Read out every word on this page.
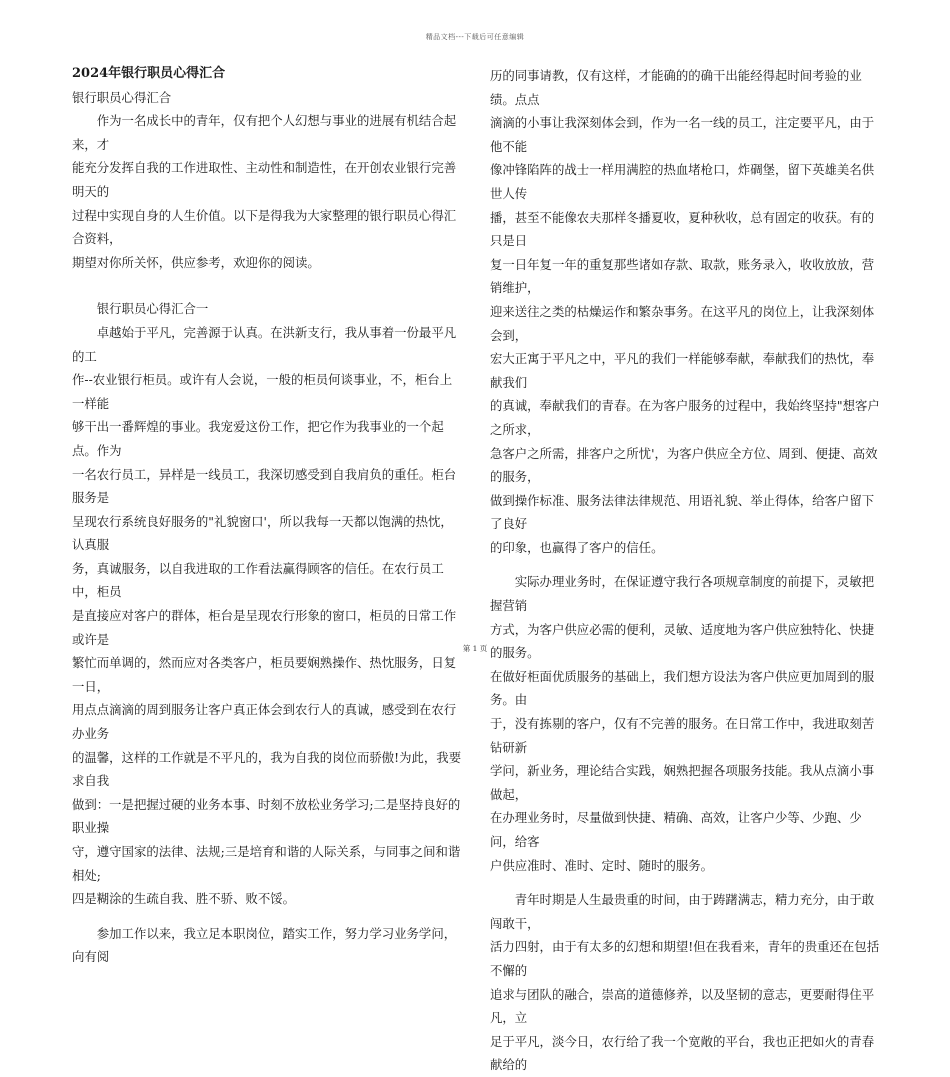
精品文档---下载后可任意编辑
2024年银行职员心得汇合

银行职员心得汇合

　　作为一名成长中的青年，仅有把个人幻想与事业的进展有机结合起来，才

能充分发挥自我的工作进取性、主动性和制造性，在开创农业银行完善明天的

过程中实现自身的人生价值。以下是得我为大家整理的银行职员心得汇合资料，

期望对你所关怀，供应参考，欢迎你的阅读。

　　银行职员心得汇合一

　　卓越始于平凡，完善源于认真。在洪新支行，我从事着一份最平凡的工

作--农业银行柜员。或许有人会说，一般的柜员何谈事业，不，柜台上一样能

够干出一番辉煌的事业。我宠爱这份工作，把它作为我事业的一个起点。作为

一名农行员工，异样是一线员工，我深切感受到自我肩负的重任。柜台服务是

呈现农行系统良好服务的"礼貌窗口'，所以我每一天都以饱满的热忱，认真服

务，真诚服务，以自我进取的工作看法赢得顾客的信任。在农行员工中，柜员

是直接应对客户的群体，柜台是呈现农行形象的窗口，柜员的日常工作或许是

繁忙而单调的，然而应对各类客户，柜员要娴熟操作、热忱服务，日复一日，

用点点滴滴的周到服务让客户真正体会到农行人的真诚，感受到在农行办业务

的温馨，这样的工作就是不平凡的，我为自我的岗位而骄傲!为此，我要求自我

做到：一是把握过硬的业务本事、时刻不放松业务学习;二是坚持良好的职业操

守，遵守国家的法律、法规;三是培育和谐的人际关系，与同事之间和谐相处;

四是糊涂的生疏自我、胜不骄、败不馁。

　　参加工作以来，我立足本职岗位，踏实工作，努力学习业务学问，向有阅

历的同事请教，仅有这样，才能确的的确干出能经得起时间考验的业绩。点点

滴滴的小事让我深刻体会到，作为一名一线的员工，注定要平凡，由于他不能

像冲锋陷阵的战士一样用满腔的热血堵枪口，炸碉堡，留下英雄美名供世人传

播，甚至不能像农夫那样冬播夏收，夏种秋收，总有固定的收获。有的只是日

复一日年复一年的重复那些诸如存款、取款，账务录入，收收放放，营销维护，

迎来送往之类的枯燥运作和繁杂事务。在这平凡的岗位上，让我深刻体会到，

宏大正寓于平凡之中，平凡的我们一样能够奉献，奉献我们的热忱，奉献我们

的真诚，奉献我们的青春。在为客户服务的过程中，我始终坚持"想客户之所求，

急客户之所需，排客户之所忧'，为客户供应全方位、周到、便捷、高效的服务，

做到操作标准、服务法律法律规范、用语礼貌、举止得体，给客户留下了良好

的印象，也赢得了客户的信任。

　　实际办理业务时，在保证遵守我行各项规章制度的前提下，灵敏把握营销

方式，为客户供应必需的便利，灵敏、适度地为客户供应独特化、快捷的服务。

在做好柜面优质服务的基础上，我们想方设法为客户供应更加周到的服务。由

于，没有拣剔的客户，仅有不完善的服务。在日常工作中，我进取刻苦钻研新

学问，新业务，理论结合实践，娴熟把握各项服务技能。我从点滴小事做起，

在办理业务时，尽量做到快捷、精确、高效，让客户少等、少跑、少问，给客

户供应准时、准时、定时、随时的服务。

　　青年时期是人生最贵重的时间，由于踌躇满志，精力充分，由于敢闯敢干，

活力四射，由于有太多的幻想和期望!但在我看来，青年的贵重还在包括不懈的

追求与团队的融合，崇高的道德修养，以及坚韧的意志，更要耐得住平凡，立

足于平凡，淡今日，农行给了我一个宽敞的平台，我也正把如火的青春献给的

第 1 页
